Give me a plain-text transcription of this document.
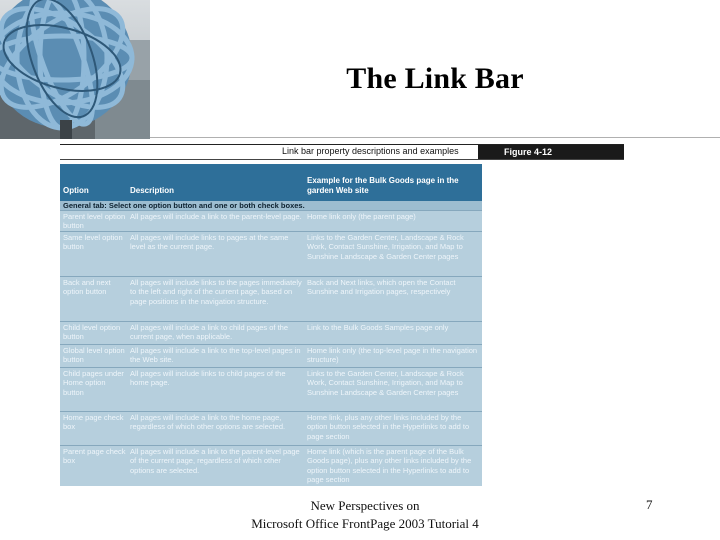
The Link Bar
Link bar property descriptions and examples	Figure 4-12
Option	Description
Example for the Bulk Goods page in the garden Web site
General tab: Select one option button and one or both check boxes.
Parent level option button
All pages will include a link to the parent-level page. Home link only (the parent page)
Same level option button
All pages will include links to pages at the same level as the current page.
Links to the Garden Center, Landscape & Rock Work, Contact Sunshine, Irrigation, and Map to Sunshine Landscape & Garden Center pages
Back and next option button
All pages will include links to the pages immediately to the left and right of the current page, based on page positions in the navigation structure.
Back and Next links, which open the Contact Sunshine and Irrigation pages, respectively
Child level option button
All pages will include a link to child pages of the current page, when applicable.
Link to the Bulk Goods Samples page only
Global level option button
All pages will include a link to the top-level pages in the Web site.
Home link only (the top-level page in the navigation structure)
Child pages under Home option button
All pages will include links to child pages of the home page.
Links to the Garden Center, Landscape & Rock Work, Contact Sunshine, Irrigation, and Map to Sunshine Landscape & Garden Center pages
Home page check box
All pages will include a link to the home page, regardless of which other options are selected.
Home link, plus any other links included by the option button selected in the Hyperlinks to add to page section
Parent page check box
All pages will include a link to the parent-level page of the current page, regardless of which other options are selected.
Home link (which is the parent page of the Bulk Goods page), plus any other links included by the option button selected in the Hyperlinks to add to page section
New Perspectives on
Microsoft Office FrontPage 2003 Tutorial 4
7
